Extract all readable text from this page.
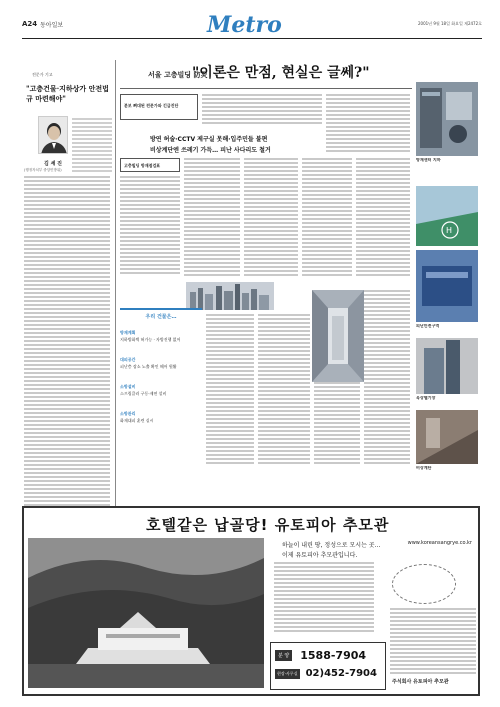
A24 동아일보	Metro	2001년 9월 18일 화요일 제2472호
전문가 기고
"고층건물·지하상가 안전법규 마련해야"
김 세 진
(행정자치부 중앙민방위)
서울 고층빌딩 防災
"이론은 만점, 현실은 글쎄?"
분보 뼈대된 전문가와 긴급진단
방연 허술·CCTV 제구실 못해·입주민들 불편
비상계단엔 쓰레기 가득… 피난 사다리도 철거
고층빌딩 방재점검표
우리 건물은…
방재계획
지하방화벽 허가능 · 자방진행 없어
대피공간
피난층 장소 노출 확인 해어 원활
소방설비
스프링클러 구동·제연 설비
소방관리
화재대피 훈련 실시
방재센터 지하
H
피난안전구역
옥상헬기장
비상계단
호텔같은 납골당! 유토피아 추모관
www.koreansangrye.co.kr
하늘이 내린 땅, 정성으로 모시는 곳…
이제 유토피아 추모관입니다.
분 양 1588-7904
현장·사무실 02)452-7904
주식회사 유토피아 추모관
